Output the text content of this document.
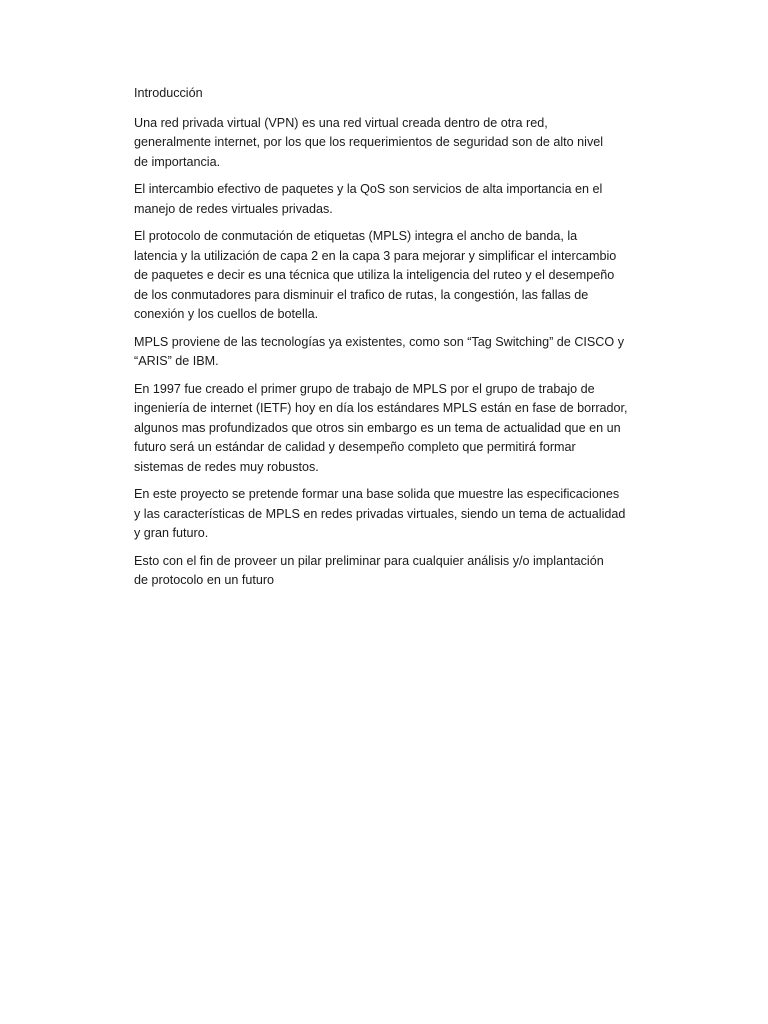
Introducción

Una red privada virtual (VPN) es una red virtual creada dentro de otra red,
generalmente internet, por los que los requerimientos de seguridad son de alto nivel
de importancia.

El intercambio efectivo de paquetes y la QoS son servicios de alta importancia en el
manejo de redes virtuales privadas.

El protocolo de conmutación de etiquetas (MPLS) integra el ancho de banda, la
latencia y la utilización de capa 2 en la capa 3 para mejorar y simplificar el intercambio
de paquetes e decir es una técnica que utiliza la inteligencia del ruteo y el desempeño
de los conmutadores para disminuir el trafico de rutas, la congestión, las fallas de
conexión y los cuellos de botella.

MPLS proviene de las tecnologías ya existentes, como son “Tag Switching” de CISCO y
“ARIS” de IBM.

En 1997 fue creado el primer grupo de trabajo de MPLS por el grupo de trabajo de
ingeniería de internet (IETF) hoy en día los estándares MPLS están en fase de borrador,
algunos mas profundizados que otros sin embargo es un tema de actualidad que en un
futuro será un estándar de calidad y desempeño completo que permitirá formar
sistemas de redes muy robustos.

En este proyecto se pretende formar una base solida que muestre las especificaciones
y las características de MPLS en redes privadas virtuales, siendo un tema de actualidad
y gran futuro.

Esto con el fin de proveer un pilar preliminar para cualquier análisis y/o implantación
de protocolo en un futuro
